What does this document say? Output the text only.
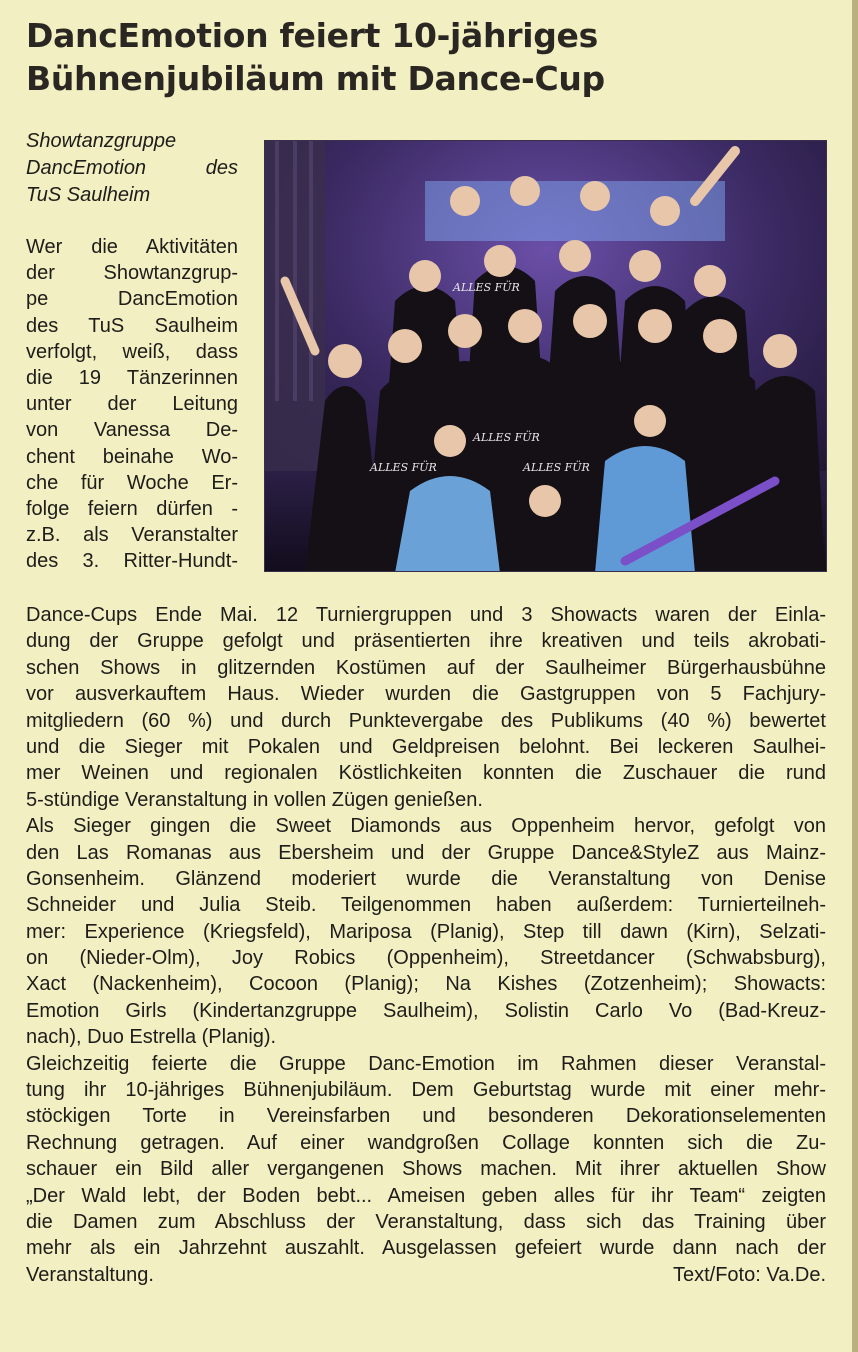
DancEmotion feiert 10-jähriges
Bühnenjubiläum mit Dance-Cup
Showtanzgruppe
DancEmotion des
TuS Saulheim
Wer die Aktivitäten
der Showtanzgrup-
pe DancEmotion
des TuS Saulheim
verfolgt, weiß, dass
die 19 Tänzerinnen
unter der Leitung
von Vanessa De-
chent beinahe Wo-
che für Woche Er-
folge feiern dürfen -
z.B. als Veranstalter
des 3. Ritter-Hundt-
ALLES FÜR
ALLES FÜR
ALLES FÜR
ALLES FÜR
Dance-Cups Ende Mai. 12 Turniergruppen und 3 Showacts waren der Einla-
dung der Gruppe gefolgt und präsentierten ihre kreativen und teils akrobati-
schen Shows in glitzernden Kostümen auf der Saulheimer Bürgerhausbühne
vor ausverkauftem Haus. Wieder wurden die Gastgruppen von 5 Fachjury-
mitgliedern (60 %) und durch Punktevergabe des Publikums (40 %) bewertet
und die Sieger mit Pokalen und Geldpreisen belohnt. Bei leckeren Saulhei-
mer Weinen und regionalen Köstlichkeiten konnten die Zuschauer die rund
5-stündige Veranstaltung in vollen Zügen genießen.
Als Sieger gingen die Sweet Diamonds aus Oppenheim hervor, gefolgt von
den Las Romanas aus Ebersheim und der Gruppe Dance&StyleZ aus Mainz-
Gonsenheim. Glänzend moderiert wurde die Veranstaltung von Denise
Schneider und Julia Steib. Teilgenommen haben außerdem: Turnierteilneh-
mer: Experience (Kriegsfeld), Mariposa (Planig), Step till dawn (Kirn), Selzati-
on (Nieder-Olm), Joy Robics (Oppenheim), Streetdancer (Schwabsburg),
Xact (Nackenheim), Cocoon (Planig); Na Kishes (Zotzenheim); Showacts:
Emotion Girls (Kindertanzgruppe Saulheim), Solistin Carlo Vo (Bad-Kreuz-
nach), Duo Estrella (Planig).
Gleichzeitig feierte die Gruppe Danc-Emotion im Rahmen dieser Veranstal-
tung ihr 10-jähriges Bühnenjubiläum. Dem Geburtstag wurde mit einer mehr-
stöckigen Torte in Vereinsfarben und besonderen Dekorationselementen
Rechnung getragen. Auf einer wandgroßen Collage konnten sich die Zu-
schauer ein Bild aller vergangenen Shows machen. Mit ihrer aktuellen Show
„Der Wald lebt, der Boden bebt... Ameisen geben alles für ihr Team“ zeigten
die Damen zum Abschluss der Veranstaltung, dass sich das Training über
mehr als ein Jahrzehnt auszahlt. Ausgelassen gefeiert wurde dann nach der
Veranstaltung.	Text/Foto: Va.De.
